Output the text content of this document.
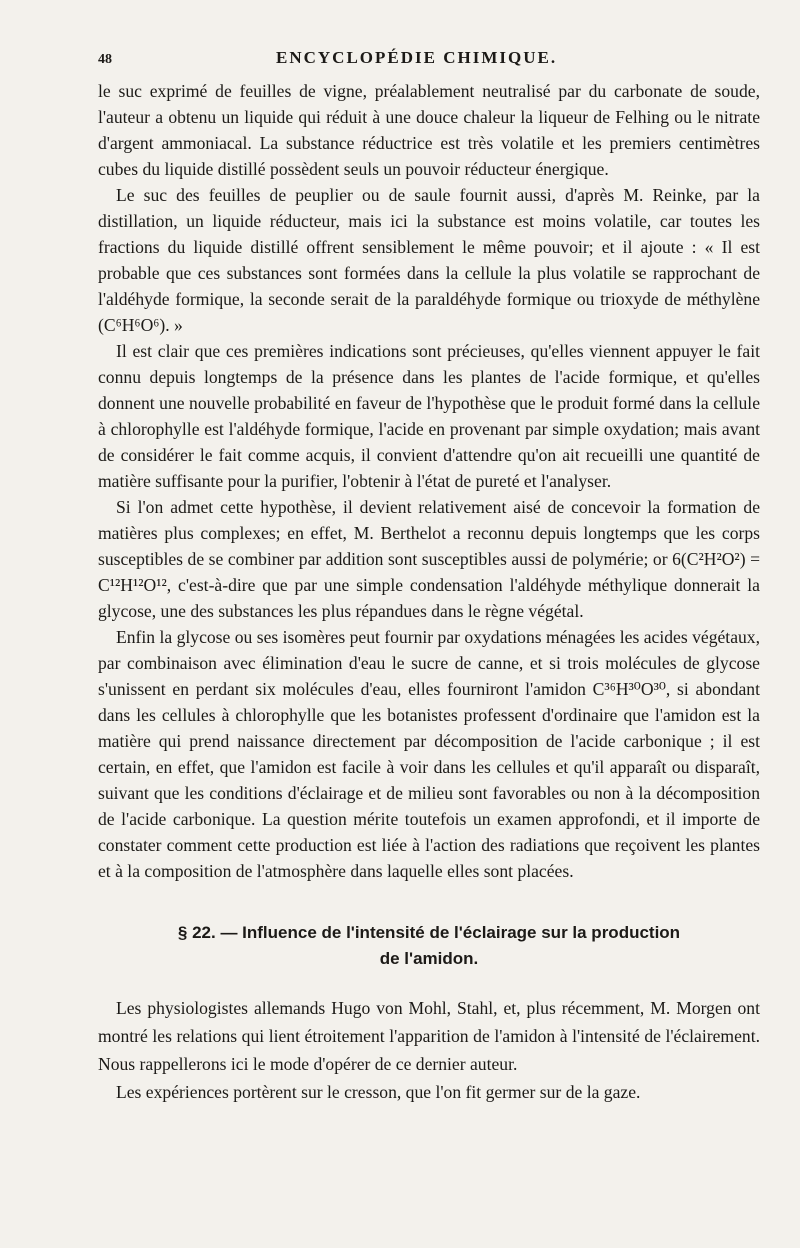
48	ENCYCLOPÉDIE CHIMIQUE.

le suc exprimé de feuilles de vigne, préalablement neutralisé par du carbonate de soude, l'auteur a obtenu un liquide qui réduit à une douce chaleur la liqueur de Felhing ou le nitrate d'argent ammoniacal. La substance réductrice est très volatile et les premiers centimètres cubes du liquide distillé possèdent seuls un pouvoir réducteur énergique.

Le suc des feuilles de peuplier ou de saule fournit aussi, d'après M. Reinke, par la distillation, un liquide réducteur, mais ici la substance est moins volatile, car toutes les fractions du liquide distillé offrent sensiblement le même pouvoir; et il ajoute : « Il est probable que ces substances sont formées dans la cellule la plus volatile se rapprochant de l'aldéhyde formique, la seconde serait de la paraldéhyde formique ou trioxyde de méthylène (C⁶H⁶O⁶). »

Il est clair que ces premières indications sont précieuses, qu'elles viennent appuyer le fait connu depuis longtemps de la présence dans les plantes de l'acide formique, et qu'elles donnent une nouvelle probabilité en faveur de l'hypothèse que le produit formé dans la cellule à chlorophylle est l'aldéhyde formique, l'acide en provenant par simple oxydation; mais avant de considérer le fait comme acquis, il convient d'attendre qu'on ait recueilli une quantité de matière suffisante pour la purifier, l'obtenir à l'état de pureté et l'analyser.

Si l'on admet cette hypothèse, il devient relativement aisé de concevoir la formation de matières plus complexes; en effet, M. Berthelot a reconnu depuis longtemps que les corps susceptibles de se combiner par addition sont susceptibles aussi de polymérie; or 6(C²H²O²) = C¹²H¹²O¹², c'est-à-dire que par une simple condensation l'aldéhyde méthylique donnerait la glycose, une des substances les plus répandues dans le règne végétal.

Enfin la glycose ou ses isomères peut fournir par oxydations ménagées les acides végétaux, par combinaison avec élimination d'eau le sucre de canne, et si trois molécules de glycose s'unissent en perdant six molécules d'eau, elles fourniront l'amidon C³⁶H³⁰O³⁰, si abondant dans les cellules à chlorophylle que les botanistes professent d'ordinaire que l'amidon est la matière qui prend naissance directement par décomposition de l'acide carbonique ; il est certain, en effet, que l'amidon est facile à voir dans les cellules et qu'il apparaît ou disparaît, suivant que les conditions d'éclairage et de milieu sont favorables ou non à la décomposition de l'acide carbonique. La question mérite toutefois un examen approfondi, et il importe de constater comment cette production est liée à l'action des radiations que reçoivent les plantes et à la composition de l'atmosphère dans laquelle elles sont placées.

§ 22. — Influence de l'intensité de l'éclairage sur la production
de l'amidon.

Les physiologistes allemands Hugo von Mohl, Stahl, et, plus récemment, M. Morgen ont montré les relations qui lient étroitement l'apparition de l'amidon à l'intensité de l'éclairement. Nous rappellerons ici le mode d'opérer de ce dernier auteur.

Les expériences portèrent sur le cresson, que l'on fit germer sur de la gaze.
